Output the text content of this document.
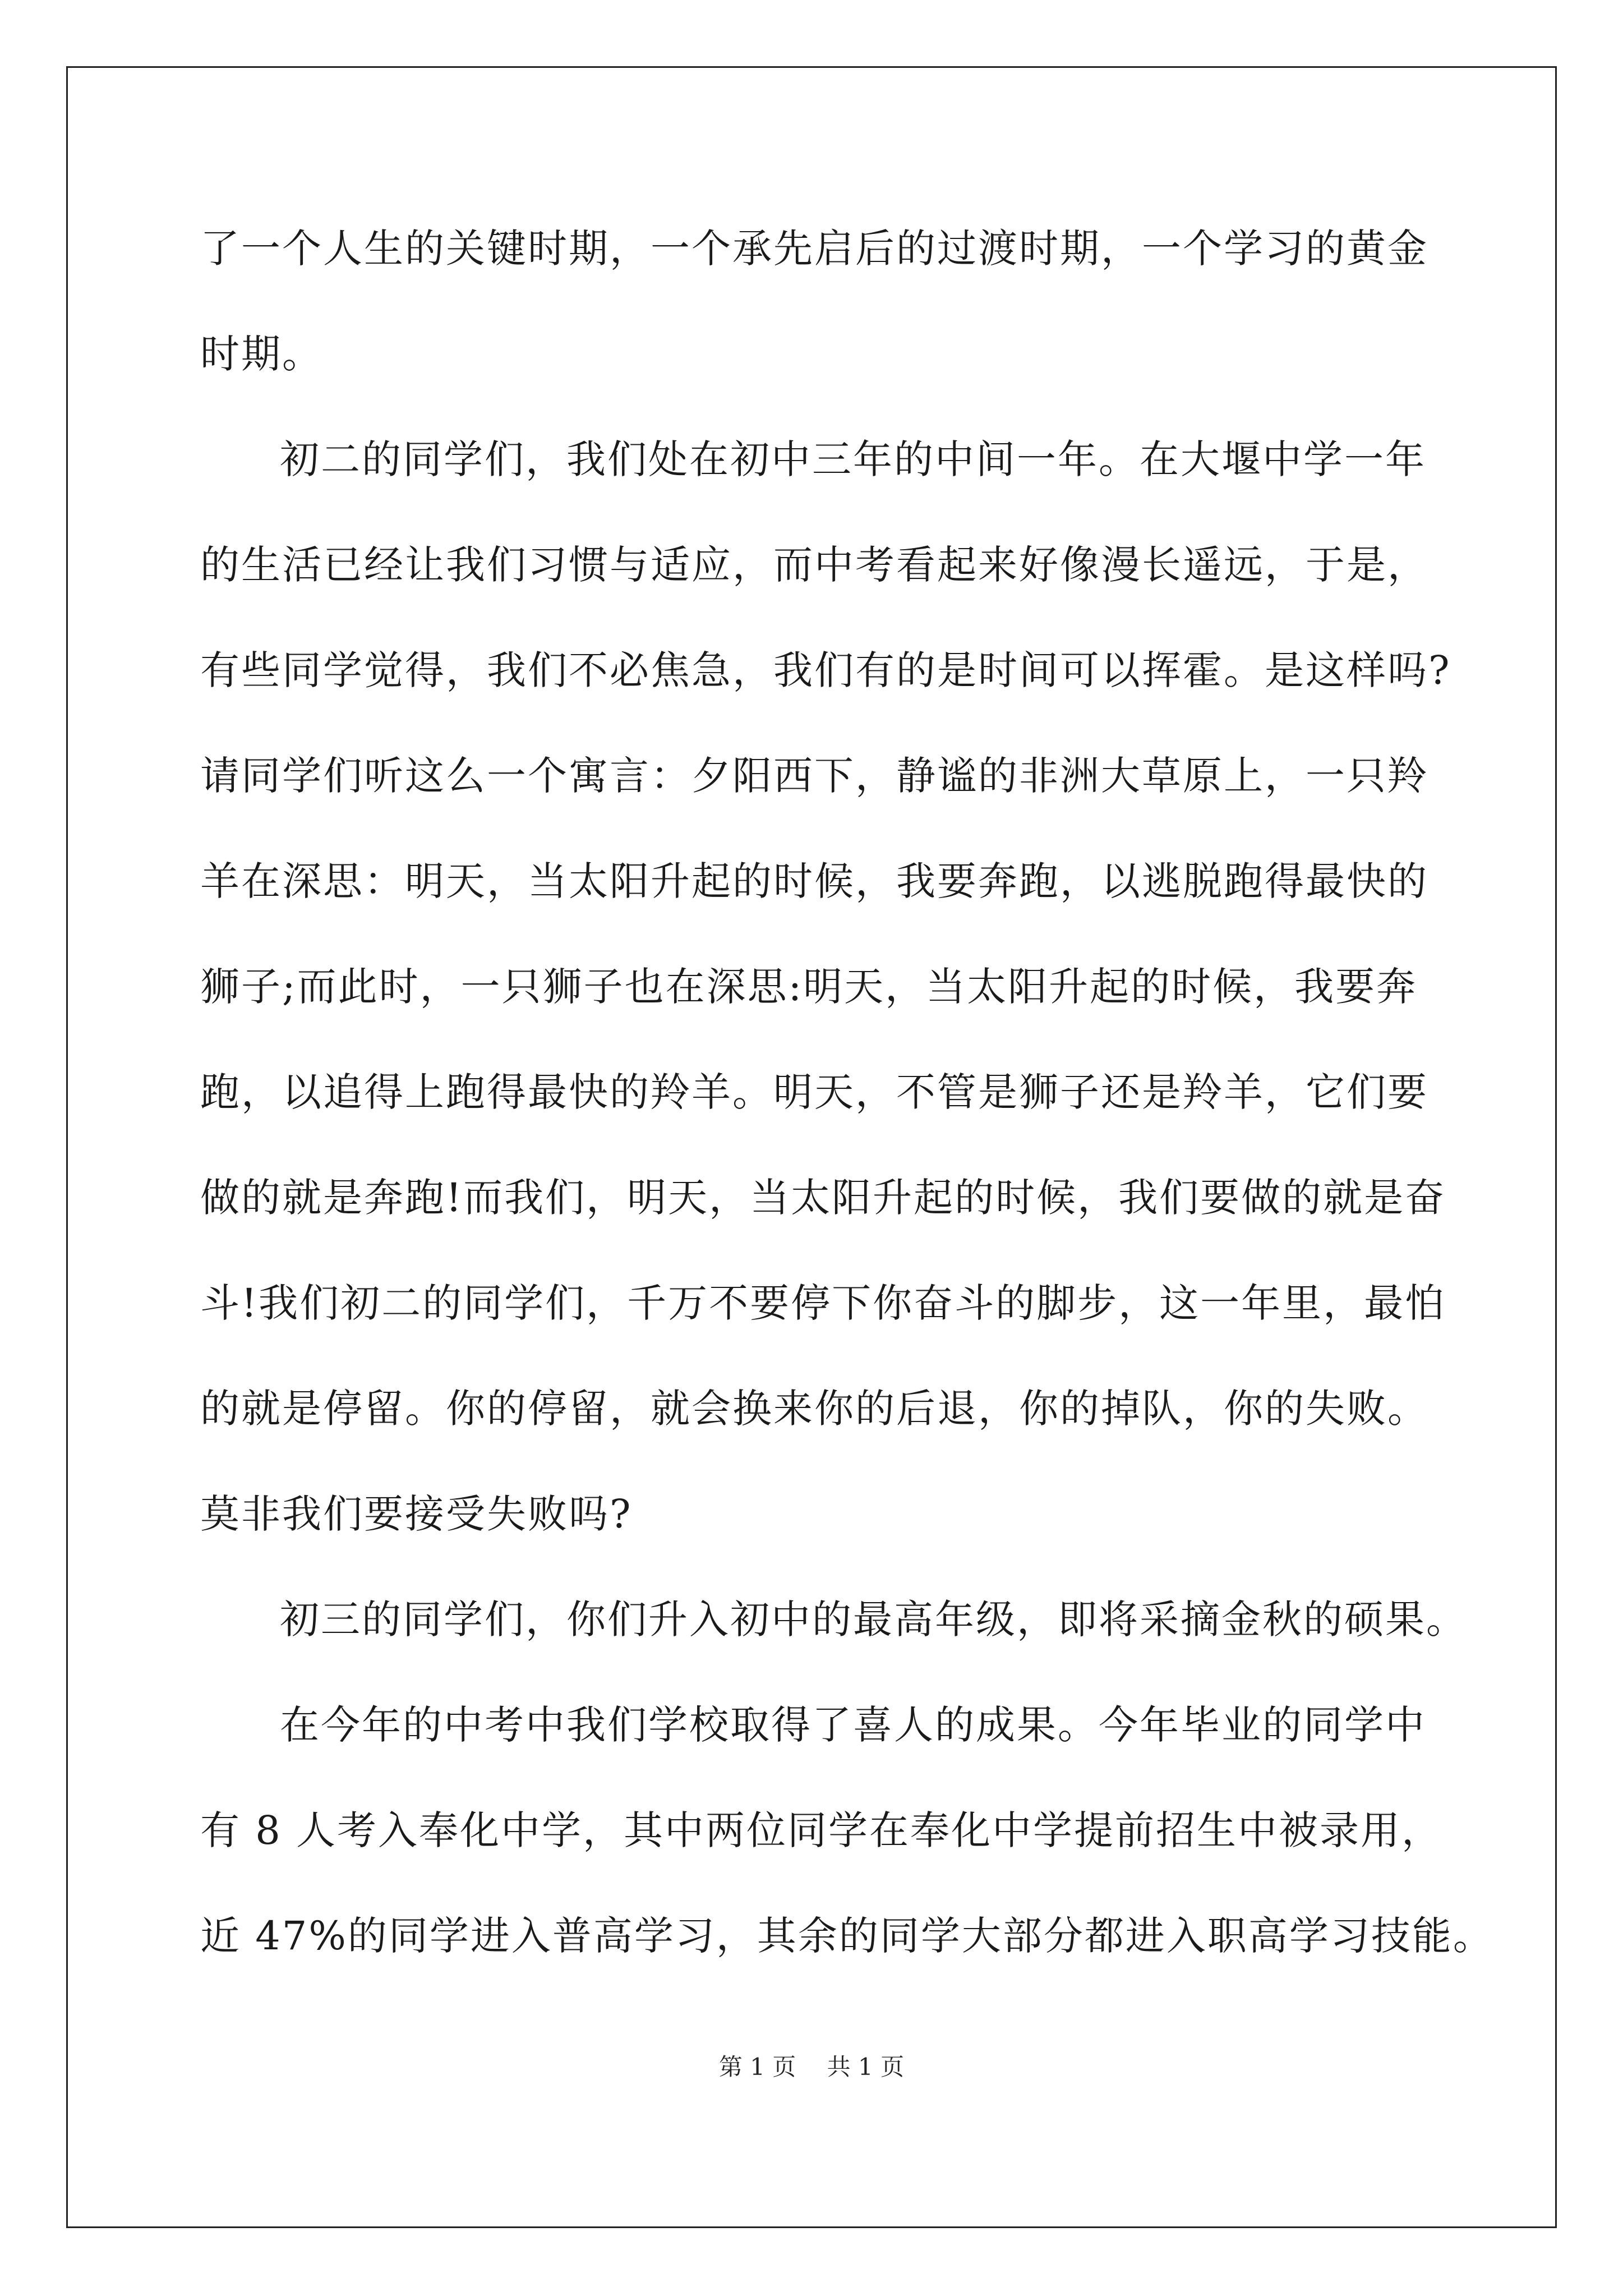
了一个人生的关键时期，一个承先启后的过渡时期，一个学习的黄金
时期。
初二的同学们，我们处在初中三年的中间一年。在大堰中学一年
的生活已经让我们习惯与适应，而中考看起来好像漫长遥远，于是，
有些同学觉得，我们不必焦急，我们有的是时间可以挥霍。是这样吗?
请同学们听这么一个寓言：夕阳西下，静谧的非洲大草原上，一只羚
羊在深思：明天，当太阳升起的时候，我要奔跑，以逃脱跑得最快的
狮子;而此时，一只狮子也在深思:明天，当太阳升起的时候，我要奔
跑，以追得上跑得最快的羚羊。明天，不管是狮子还是羚羊，它们要
做的就是奔跑!而我们，明天，当太阳升起的时候，我们要做的就是奋
斗!我们初二的同学们，千万不要停下你奋斗的脚步，这一年里，最怕
的就是停留。你的停留，就会换来你的后退，你的掉队，你的失败。
莫非我们要接受失败吗?
初三的同学们，你们升入初中的最高年级，即将采摘金秋的硕果。
在今年的中考中我们学校取得了喜人的成果。今年毕业的同学中
有 8 人考入奉化中学，其中两位同学在奉化中学提前招生中被录用，
近 47%的同学进入普高学习，其余的同学大部分都进入职高学习技能。
第 1 页 共 1 页
